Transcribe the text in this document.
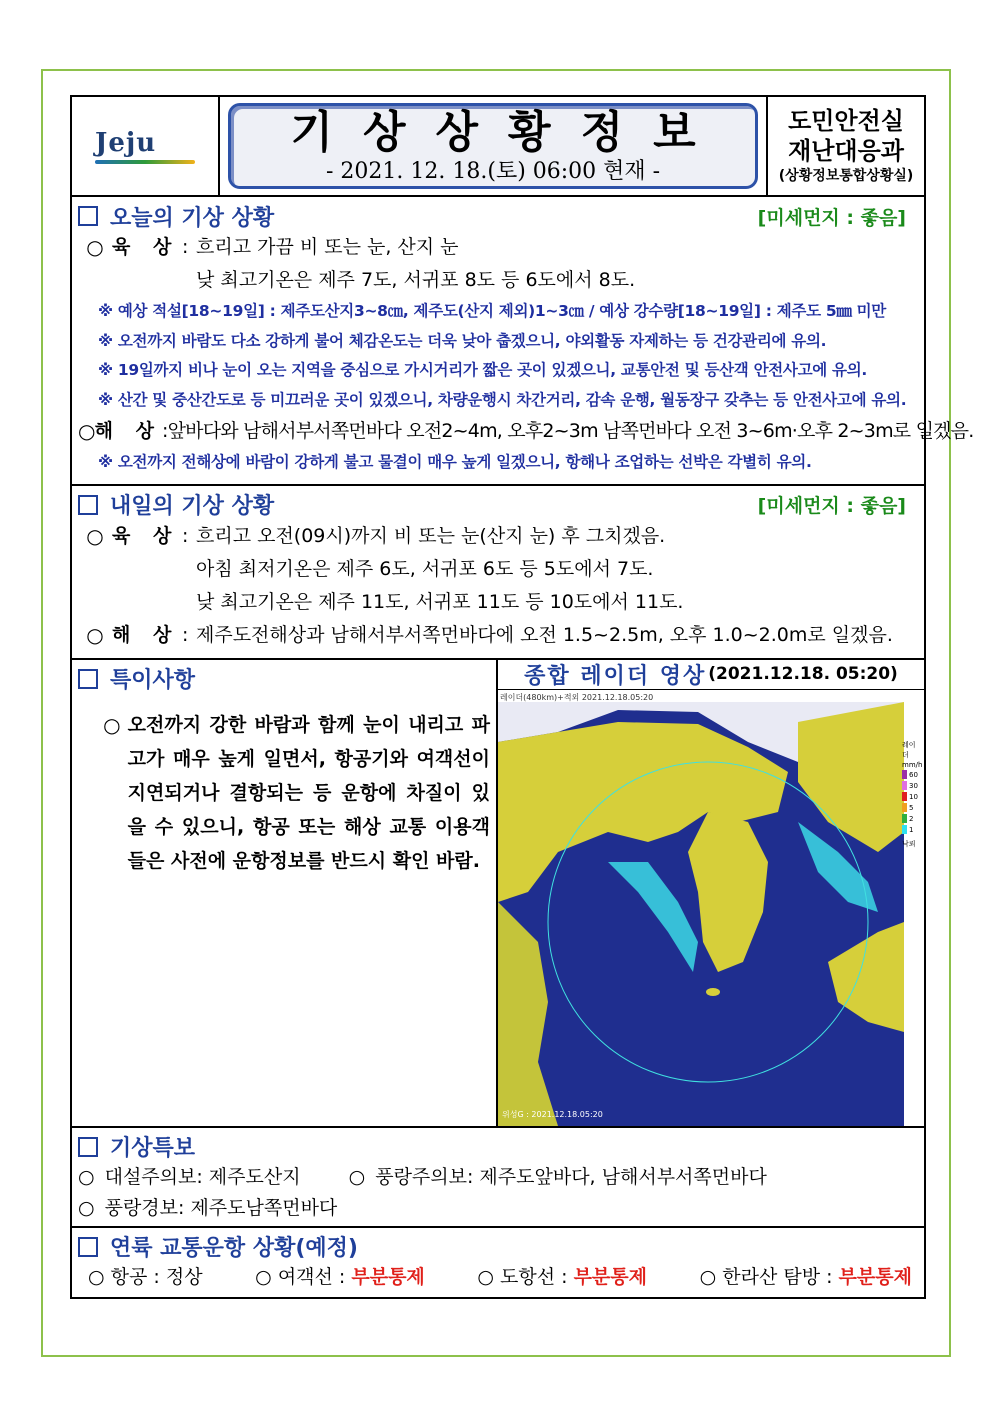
Jeju	기상상황정보
- 2021. 12. 18.(토) 06:00 현재 -
도민안전실
재난대응과
(상황정보통합상황실)
오늘의 기상 상황	[미세먼지 : 좋음]
○ 육 상 : 흐리고 가끔 비 또는 눈, 산지 눈
낮 최고기온은 제주 7도, 서귀포 8도 등 6도에서 8도.
※ 예상 적설[18~19일] : 제주도산지3~8㎝, 제주도(산지 제외)1~3㎝ / 예상 강수량[18~19일] : 제주도 5㎜ 미만
※ 오전까지 바람도 다소 강하게 불어 체감온도는 더욱 낮아 춥겠으니, 야외활동 자제하는 등 건강관리에 유의.
※ 19일까지 비나 눈이 오는 지역을 중심으로 가시거리가 짧은 곳이 있겠으니, 교통안전 및 등산객 안전사고에 유의.
※ 산간 및 중산간도로 등 미끄러운 곳이 있겠으니, 차량운행시 차간거리, 감속 운행, 월동장구 갖추는 등 안전사고에 유의.
○ 해 상 : 앞바다와 남해서부서쪽먼바다 오전2~4m, 오후2~3m 남쪽먼바다 오전 3~6m·오후 2~3m로 일겠음.
※ 오전까지 전해상에 바람이 강하게 불고 물결이 매우 높게 일겠으니, 항해나 조업하는 선박은 각별히 유의.
내일의 기상 상황	[미세먼지 : 좋음]
○ 육 상 : 흐리고 오전(09시)까지 비 또는 눈(산지 눈) 후 그치겠음.
아침 최저기온은 제주 6도, 서귀포 6도 등 5도에서 7도.
낮 최고기온은 제주 11도, 서귀포 11도 등 10도에서 11도.
○ 해 상 : 제주도전해상과 남해서부서쪽먼바다에 오전 1.5~2.5m, 오후 1.0~2.0m로 일겠음.
특이사항
○ 오전까지 강한 바람과 함께 눈이 내리고 파고가 매우 높게 일면서, 항공기와 여객선이 지연되거나 결항되는 등 운항에 차질이 있을 수 있으니, 항공 또는 해상 교통 이용객들은 사전에 운항정보를 반드시 확인 바람.
종합 레이더 영상 (2021.12.18. 05:20)
레이더(480km)+적외 2021.12.18.05:20
레이더
mm/h
60
30
10
5
2
1
낙뢰
위성G : 2021.12.18.05:20
기상특보
○ 대설주의보: 제주도산지	○ 풍랑주의보: 제주도앞바다, 남해서부서쪽먼바다
○ 풍랑경보: 제주도남쪽먼바다
연륙 교통운항 상황(예정)
○ 항공 : 정상	○ 여객선 : 부분통제	○ 도항선 : 부분통제	○ 한라산 탐방 : 부분통제
